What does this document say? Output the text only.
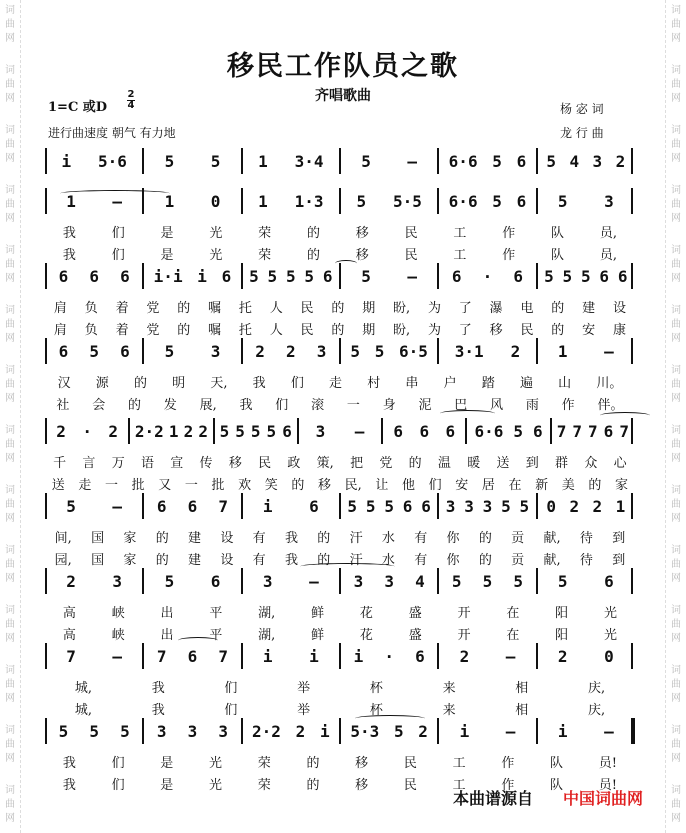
词
曲
网
词
曲
网
词
曲
网
词
曲
网
词
曲
网
词
曲
网
词
曲
网
词
曲
网
词
曲
网
词
曲
网
词
曲
网
词
曲
网
词
曲
网
词
曲
网
词
曲
网
词
曲
网
词
曲
网
词
曲
网
词
曲
网
词
曲
网
词
曲
网
词
曲
网
词
曲
网
词
曲
网
词
曲
网
词
曲
网
词
曲
网
词
曲
网
移民工作队员之歌
齐唱歌曲
1=C 或D
2
4
进行曲速度 朝气 有力地
杨 宓 词
龙 行 曲
i 5·6 5 5 1 3·4 5 – 6·6 5 6 5 4 3 2
1 –	1 0 1 1·3 5 5·5 6·6 5 6 5 3
我	们	是	光	荣	的	移	民	工	作	队	员,
我	们	是	光	荣	的	移	民	工	作	队	员,
6 6 6 i·i i 6 5 5 5 5 6 5 – 6 · 6 5 5 5 6 6
肩 负 着 党 的 嘱 托 人 民 的 期 盼, 为 了 瀑 电 的 建 设
肩 负 着 党 的 嘱 托 人 民 的 期 盼, 为 了 移 民 的 安 康
6 5 6 5 3 2 2 3 5 5 6·5 3·1 2 1 –
汉 源 的 明 天, 我 们 走 村 串 户 踏 遍 山 川。
社 会 的 发 展, 我 们 滚 一 身 泥 巴 风 雨 作 伴。
2 · 2 2·2 1 2 2 5 5 5 5 6 3 – 6 6 6 6·6 5 6 7 7 7 6 7
千 言 万 语 宣 传 移 民 政 策, 把 党 的 温 暖 送 到 群 众 心
送 走 一 批 又 一 批 欢 笑 的 移 民, 让 他 们 安 居 在 新 美 的 家
5 – 6 6 7 i 6 5 5 5 6 6 3 3 3 5 5 0 2 2 1
间, 国 家 的 建 设 有 我 的 汗 水 有 你 的 贡 献, 待 到
园, 国 家 的 建 设 有 我 的 汗 水 有 你 的 贡 献, 待 到
2 3	5 6	3 – 3 3 4 5 5 5 5 6
高	峡	出	平	湖,	鲜	花	盛	开	在	阳	光
高	峡	出	平	湖,	鲜	花	盛	开	在	阳	光
7 – 7 6 7 i i i · 6 2 –	2 0
城,	我	们	举	杯	来	相	庆,
城,	我	们	举	杯	来	相	庆,
5 5 5 3 3 3 2·2 2 i 5·3 5 2 i –	i –
我	们	是	光	荣	的	移	民	工	作	队	员!
我	们	是	光	荣	的	移	民	工	作	队	员!
本曲谱源自 中国词曲网
